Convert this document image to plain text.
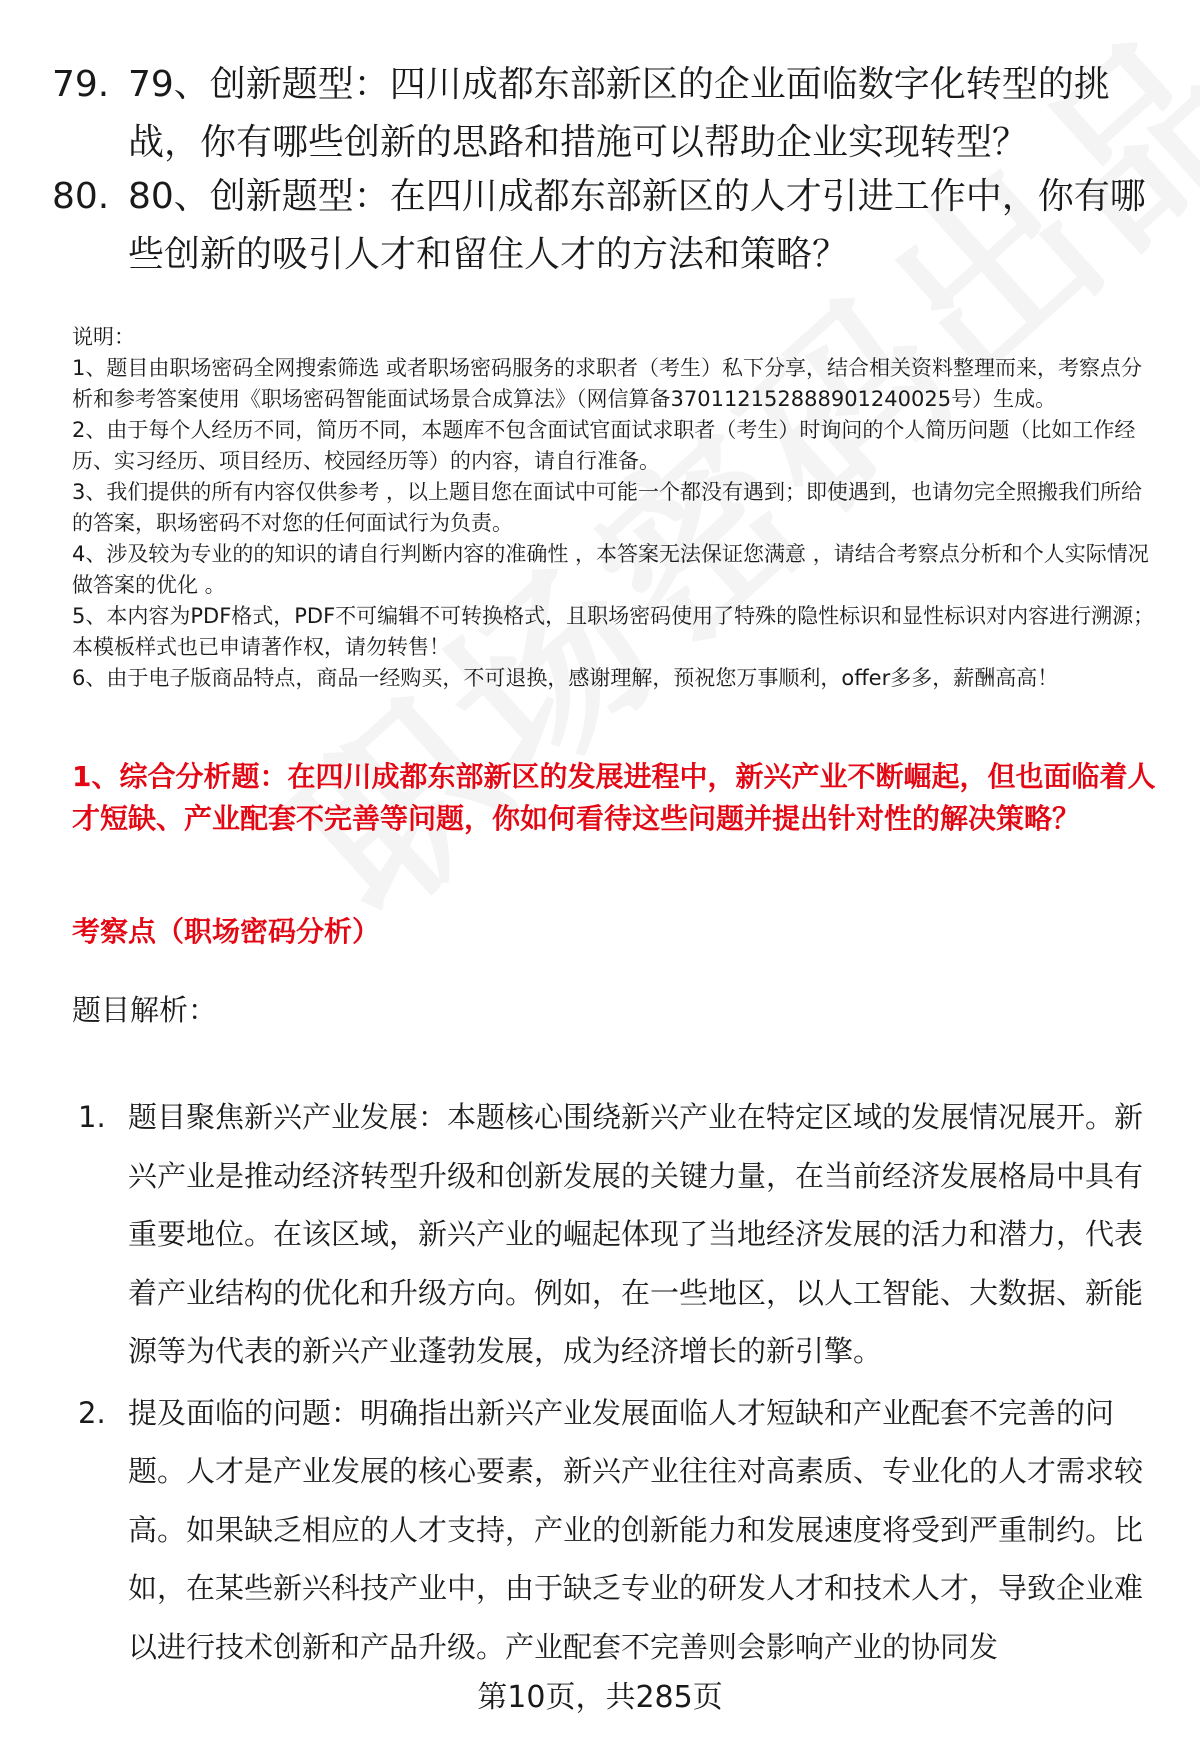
79. 79、创新题型：四川成都东部新区的企业面临数字化转型的挑战，你有哪些创新的思路和措施可以帮助企业实现转型？
80. 80、创新题型：在四川成都东部新区的人才引进工作中，你有哪些创新的吸引人才和留住人才的方法和策略？

说明：

1、题目由职场密码全网搜索筛选 或者职场密码服务的求职者（考生）私下分享，结合相关资料整理而来，考察点分析和参考答案使用《职场密码智能面试场景合成算法》（网信算备370112152888901240025号）生成。

2、由于每个人经历不同，简历不同，本题库不包含面试官面试求职者（考生）时询问的个人简历问题（比如工作经历、实习经历、项目经历、校园经历等）的内容，请自行准备。

3、我们提供的所有内容仅供参考 ，以上题目您在面试中可能一个都没有遇到；即使遇到，也请勿完全照搬我们所给的答案，职场密码不对您的任何面试行为负责。

4、涉及较为专业的的知识的请自行判断内容的准确性 ，本答案无法保证您满意 ，请结合考察点分析和个人实际情况做答案的优化 。

5、本内容为PDF格式，PDF不可编辑不可转换格式，且职场密码使用了特殊的隐性标识和显性标识对内容进行溯源；本模板样式也已申请著作权，请勿转售！

6、由于电子版商品特点，商品一经购买，不可退换，感谢理解，预祝您万事顺利，offer多多，薪酬高高！

1、综合分析题：在四川成都东部新区的发展进程中，新兴产业不断崛起，但也面临着人才短缺、产业配套不完善等问题，你如何看待这些问题并提出针对性的解决策略？
考察点（职场密码分析）
题目解析：
1. 题目聚焦新兴产业发展：本题核心围绕新兴产业在特定区域的发展情况展开。新兴产业是推动经济转型升级和创新发展的关键力量，在当前经济发展格局中具有重要地位。在该区域，新兴产业的崛起体现了当地经济发展的活力和潜力，代表着产业结构的优化和升级方向。例如，在一些地区，以人工智能、大数据、新能源等为代表的新兴产业蓬勃发展，成为经济增长的新引擎。
2. 提及面临的问题：明确指出新兴产业发展面临人才短缺和产业配套不完善的问题。人才是产业发展的核心要素，新兴产业往往对高素质、专业化的人才需求较高。如果缺乏相应的人才支持，产业的创新能力和发展速度将受到严重制约。比如，在某些新兴科技产业中，由于缺乏专业的研发人才和技术人才，导致企业难以进行技术创新和产品升级。产业配套不完善则会影响产业的协同发
第10页，共285页
